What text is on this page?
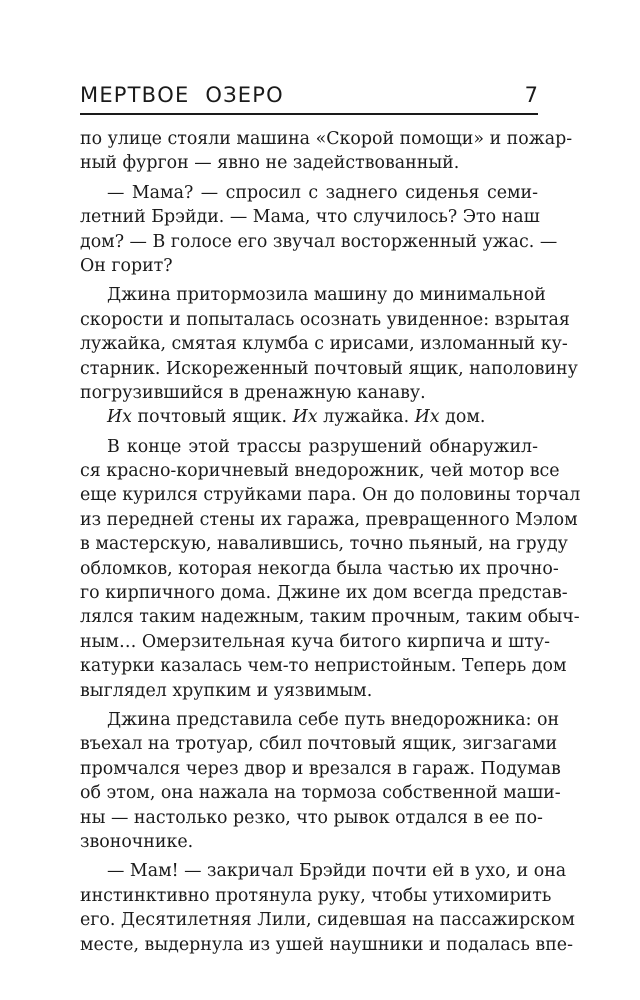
МЕРТВОЕ ОЗЕРО	7
по улице стояли машина «Скорой помощи» и пожар-
ный фургон — явно не задействованный.
— Мама? — спросил с заднего сиденья семи-
летний Брэйди. — Мама, что случилось? Это наш
дом? — В голосе его звучал восторженный ужас. —
Он горит?
Джина притормозила машину до минимальной
скорости и попыталась осознать увиденное: взрытая
лужайка, смятая клумба с ирисами, изломанный ку-
старник. Искореженный почтовый ящик, наполовину
погрузившийся в дренажную канаву.
Их почтовый ящик. Их лужайка. Их дом.
В конце этой трассы разрушений обнаружил-
ся красно-коричневый внедорожник, чей мотор все
еще курился струйками пара. Он до половины торчал
из передней стены их гаража, превращенного Мэлом
в мастерскую, навалившись, точно пьяный, на груду
обломков, которая некогда была частью их прочно-
го кирпичного дома. Джине их дом всегда представ-
лялся таким надежным, таким прочным, таким обыч-
ным… Омерзительная куча битого кирпича и шту-
катурки казалась чем-то непристойным. Теперь дом
выглядел хрупким и уязвимым.
Джина представила себе путь внедорожника: он
въехал на тротуар, сбил почтовый ящик, зигзагами
промчался через двор и врезался в гараж. Подумав
об этом, она нажала на тормоза собственной маши-
ны — настолько резко, что рывок отдался в ее по-
звоночнике.
— Мам! — закричал Брэйди почти ей в ухо, и она
инстинктивно протянула руку, чтобы утихомирить
его. Десятилетняя Лили, сидевшая на пассажирском
месте, выдернула из ушей наушники и подалась впе-
